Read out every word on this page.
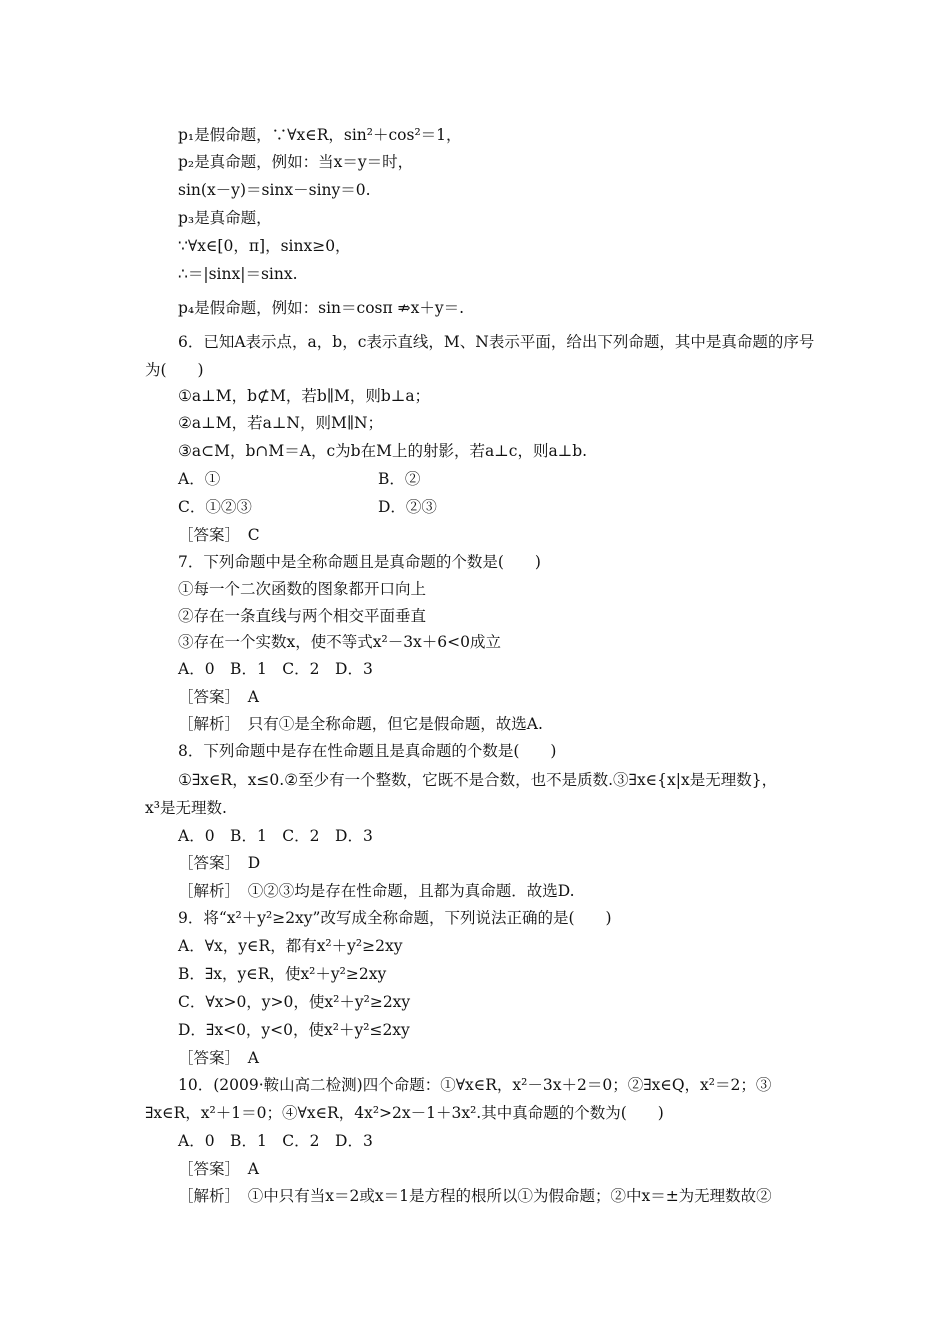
p₁是假命题，∵∀x∈R，sin²＋cos²＝1，
p₂是真命题，例如：当x＝y＝时，
sin(x－y)＝sinx－siny＝0.
p₃是真命题，
∵∀x∈[0，π]，sinx≥0，
∴＝|sinx|＝sinx.
p₄是假命题，例如：sin＝cosπ ⇏x＋y＝.
6．已知A表示点，a，b，c表示直线，M、N表示平面，给出下列命题，其中是真命题的序号
为(　　)
①a⊥M，b⊄M，若b∥M，则b⊥a；
②a⊥M，若a⊥N，则M∥N；
③a⊂M，b∩M＝A，c为b在M上的射影，若a⊥c，则a⊥b.
A．①	B．②
C．①②③	D．②③
［答案］　C
7．下列命题中是全称命题且是真命题的个数是(　　)
①每一个二次函数的图象都开口向上
②存在一条直线与两个相交平面垂直
③存在一个实数x，使不等式x²－3x＋6<0成立
A．0　B．1　C．2　D．3
［答案］　A
［解析］　只有①是全称命题，但它是假命题，故选A.
8．下列命题中是存在性命题且是真命题的个数是(　　)
①∃x∈R，x≤0.②至少有一个整数，它既不是合数，也不是质数.③∃x∈{x|x是无理数}，
x³是无理数.
A．0　B．1　C．2　D．3
［答案］　D
［解析］　①②③均是存在性命题，且都为真命题．故选D.
9．将“x²＋y²≥2xy”改写成全称命题，下列说法正确的是(　　)
A．∀x，y∈R，都有x²＋y²≥2xy
B．∃x，y∈R，使x²＋y²≥2xy
C．∀x>0，y>0，使x²＋y²≥2xy
D．∃x<0，y<0，使x²＋y²≤2xy
［答案］　A
10．(2009·鞍山高二检测)四个命题：①∀x∈R，x²－3x＋2＝0；②∃x∈Q，x²＝2；③
∃x∈R，x²＋1＝0；④∀x∈R，4x²>2x－1＋3x².其中真命题的个数为(　　)
A．0　B．1　C．2　D．3
［答案］　A
［解析］　①中只有当x＝2或x＝1是方程的根所以①为假命题；②中x＝±为无理数故②
